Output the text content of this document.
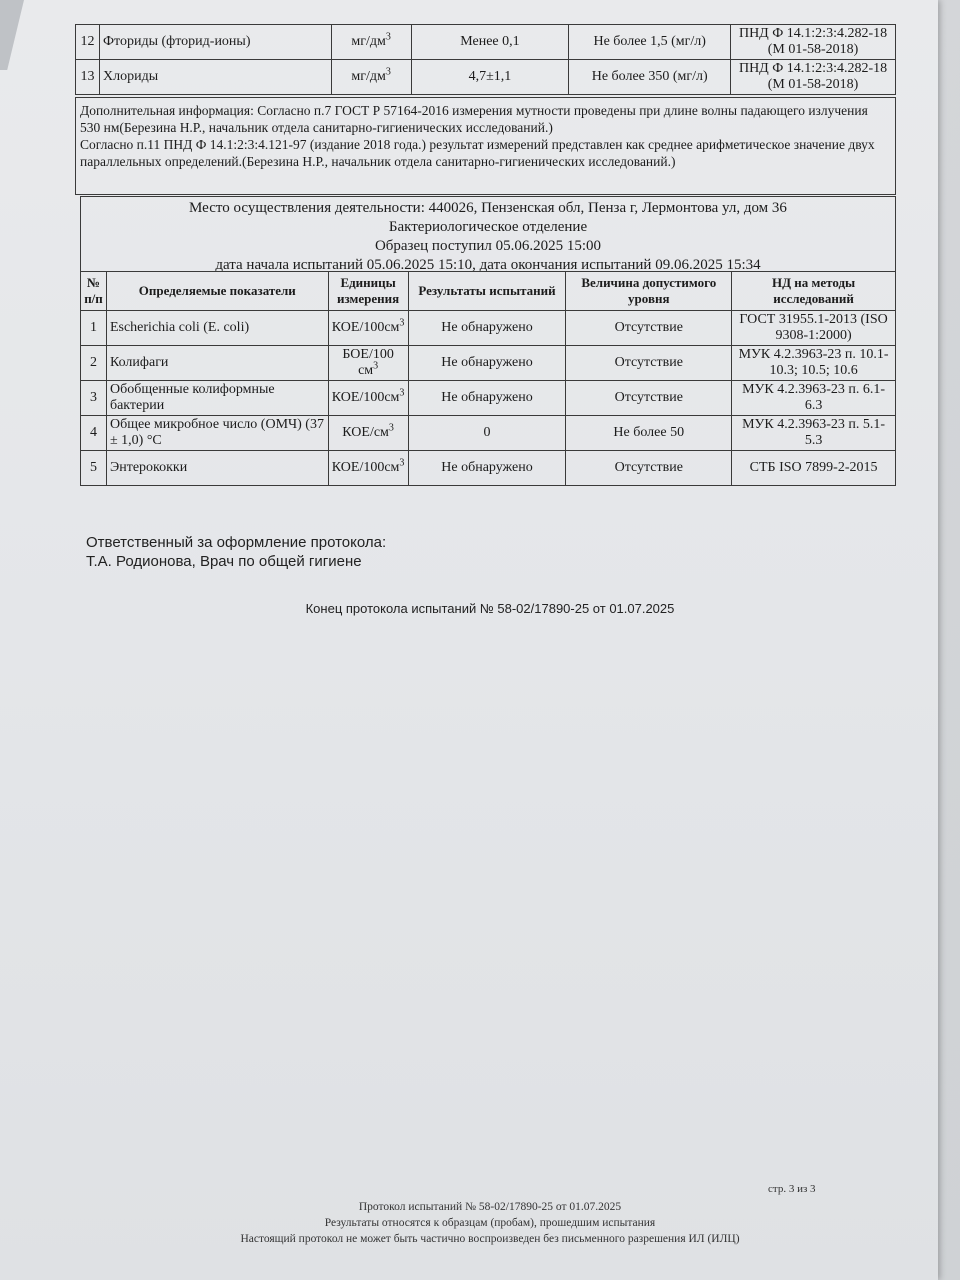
12	Фториды (фторид-ионы)	$мг/дм^3$	Менее 0,1	Не более 1,5 (мг/л)	ПНД Ф 14.1:2:3:4.282-18 (М 01-58-2018)
13	Хлориды	$мг/дм^3$	4,7±1,1	Не более 350 (мг/л)	ПНД Ф 14.1:2:3:4.282-18 (М 01-58-2018)

Дополнительная информация: Согласно п.7 ГОСТ Р 57164-2016 измерения мутности проведены при длине волны падающего излучения 530 нм(Березина Н.Р., начальник отдела санитарно-гигиенических исследований.)

Согласно п.11 ПНД Ф 14.1:2:3:4.121-97 (издание 2018 года.) результат измерений представлен как среднее арифметическое значение двух параллельных определений.(Березина Н.Р., начальник отдела санитарно-гигиенических исследований.)

Место осуществления деятельности: 440026, Пензенская обл, Пенза г, Лермонтова ул, дом 36
Бактериологическое отделение
Образец поступил 05.06.2025 15:00
дата начала испытаний 05.06.2025 15:10, дата окончания испытаний 09.06.2025 15:34
№ п/п	Определяемые показатели	Единицы измерения	Результаты испытаний	Величина допустимого уровня	НД на методы исследований
1	Escherichia coli (E. coli)	КОЕ/$100см^3$	Не обнаружено	Отсутствие	ГОСТ 31955.1-2013 (ISO 9308-1:2000)
2	Колифаги	БОЕ/100 $см^3$	Не обнаружено	Отсутствие	МУК 4.2.3963-23 п. 10.1-10.3; 10.5; 10.6
3	Обобщенные колиформные бактерии	КОЕ/$100см^3$	Не обнаружено	Отсутствие	МУК 4.2.3963-23 п. 6.1-6.3
4	Общее микробное число (ОМЧ) (37 ± 1,0) °С	КОЕ/$см^3$	0	Не более 50	МУК 4.2.3963-23 п. 5.1-5.3
5	Энтерококки	КОЕ/$100см^3$	Не обнаружено	Отсутствие	СТБ ISO 7899-2-2015
Ответственный за оформление протокола:
Т.А. Родионова, Врач по общей гигиене
Конец протокола испытаний № 58-02/17890-25 от 01.07.2025
стр. 3 из 3
Протокол испытаний № 58-02/17890-25 от 01.07.2025
Результаты относятся к образцам (пробам), прошедшим испытания
Настоящий протокол не может быть частично воспроизведен без письменного разрешения ИЛ (ИЛЦ)
